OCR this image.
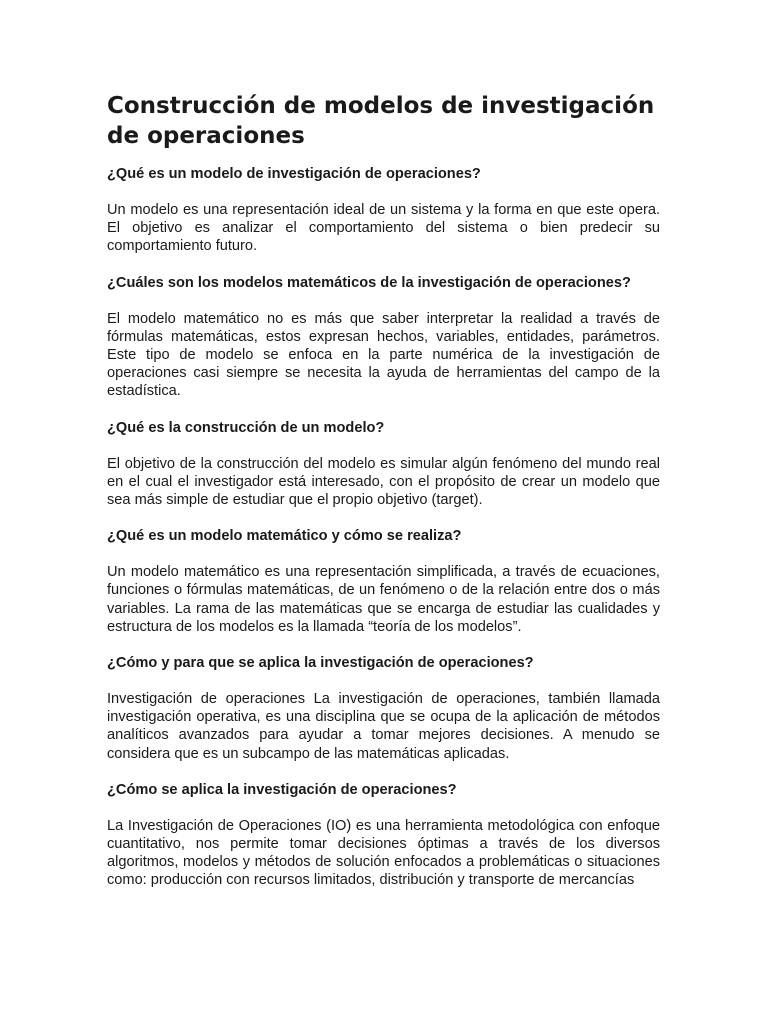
Construcción de modelos de investigación de operaciones

¿Qué es un modelo de investigación de operaciones?

Un modelo es una representación ideal de un sistema y la forma en que este opera. El objetivo es analizar el comportamiento del sistema o bien predecir su comportamiento futuro.

¿Cuáles son los modelos matemáticos de la investigación de operaciones?

El modelo matemático no es más que saber interpretar la realidad a través de fórmulas matemáticas, estos expresan hechos, variables, entidades, parámetros. Este tipo de modelo se enfoca en la parte numérica de la investigación de operaciones casi siempre se necesita la ayuda de herramientas del campo de la estadística.

¿Qué es la construcción de un modelo?

El objetivo de la construcción del modelo es simular algún fenómeno del mundo real en el cual el investigador está interesado, con el propósito de crear un modelo que sea más simple de estudiar que el propio objetivo (target).

¿Qué es un modelo matemático y cómo se realiza?

Un modelo matemático es una representación simplificada, a través de ecuaciones, funciones o fórmulas matemáticas, de un fenómeno o de la relación entre dos o más variables. La rama de las matemáticas que se encarga de estudiar las cualidades y estructura de los modelos es la llamada “teoría de los modelos”.

¿Cómo y para que se aplica la investigación de operaciones?

Investigación de operaciones La investigación de operaciones, también llamada investigación operativa, es una disciplina que se ocupa de la aplicación de métodos analíticos avanzados para ayudar a tomar mejores decisiones. A menudo se considera que es un subcampo de las matemáticas aplicadas.

¿Cómo se aplica la investigación de operaciones?

La Investigación de Operaciones (IO) es una herramienta metodológica con enfoque cuantitativo, nos permite tomar decisiones óptimas a través de los diversos algoritmos, modelos y métodos de solución enfocados a problemáticas o situaciones como: producción con recursos limitados, distribución y transporte de mercancías
